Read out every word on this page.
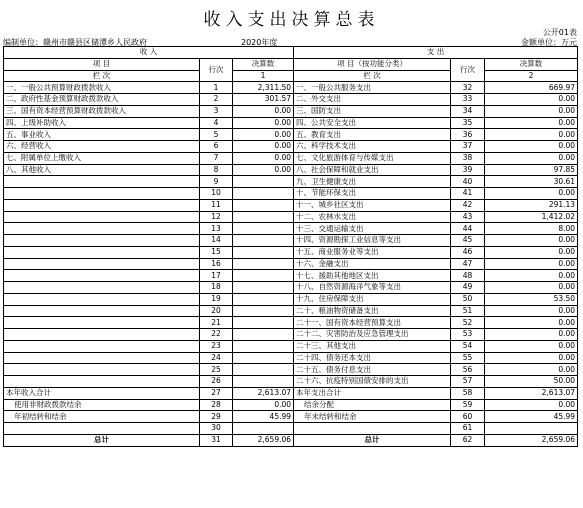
收入支出决算总表
公开01表
编制单位：赣州市赣县区储潭乡人民政府	2020年度	金额单位：万元
收 入			支 出		
项 目	行次	决算数	项 目（按功能分类）	行次	决算数
栏 次		1	栏 次		2
一、一般公共预算财政拨款收入	1	2,311.50	一、一般公共服务支出	32	669.97
二、政府性基金预算财政拨款收入	2	301.57	二、外交支出	33	0.00
三、国有资本经营预算财政拨款收入	3	0.00	三、国防支出	34	0.00
四、上级补助收入	4	0.00	四、公共安全支出	35	0.00
五、事业收入	5	0.00	五、教育支出	36	0.00
六、经营收入	6	0.00	六、科学技术支出	37	0.00
七、附属单位上缴收入	7	0.00	七、文化旅游体育与传媒支出	38	0.00
八、其他收入	8	0.00	八、社会保障和就业支出	39	97.85
	9		九、卫生健康支出	40	30.61
	10		十、节能环保支出	41	0.00
	11		十一、城乡社区支出	42	291.13
	12		十二、农林水支出	43	1,412.02
	13		十三、交通运输支出	44	8.00
	14		十四、资源勘探工业信息等支出	45	0.00
	15		十五、商业服务业等支出	46	0.00
	16		十六、金融支出	47	0.00
	17		十七、援助其他地区支出	48	0.00
	18		十八、自然资源海洋气象等支出	49	0.00
	19		十九、住房保障支出	50	53.50
	20		二十、粮油物资储备支出	51	0.00
	21		二十一、国有资本经营预算支出	52	0.00
	22		二十二、灾害防治及应急管理支出	53	0.00
	23		二十三、其他支出	54	0.00
	24		二十四、债务还本支出	55	0.00
	25		二十五、债务付息支出	56	0.00
	26		二十六、抗疫特别国债安排的支出	57	50.00
本年收入合计	27	2,613.07	本年支出合计	58	2,613.07
使用非财政拨款结余	28	0.00	结余分配	59	0.00
年初结转和结余	29	45.99	年末结转和结余	60	45.99
	30			61	
总计	31	2,659.06	总计	62	2,659.06
